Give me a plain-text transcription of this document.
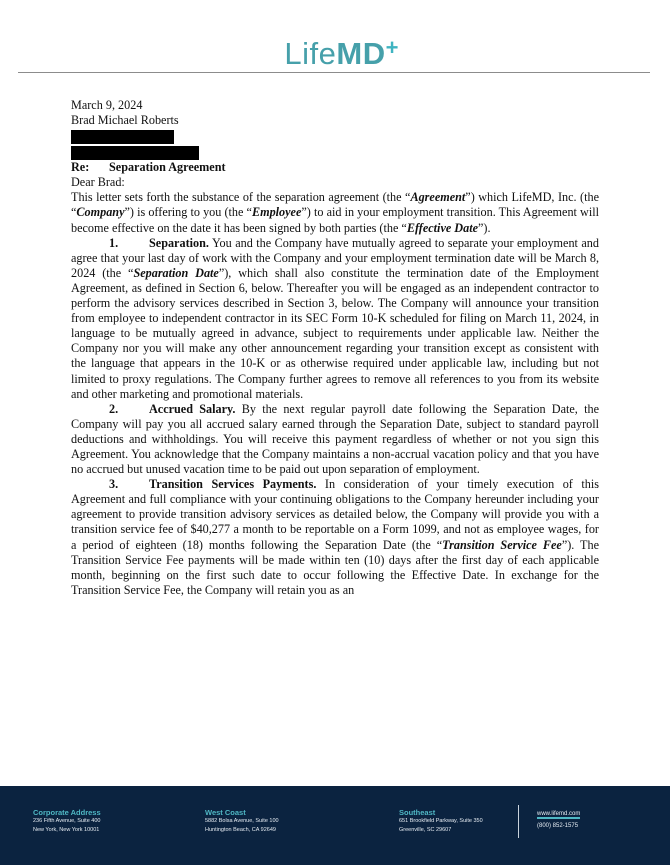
LifeMD +

March 9, 2024

Brad Michael Roberts

Re: Separation Agreement

Dear Brad:

This letter sets forth the substance of the separation agreement (the “Agreement”) which LifeMD, Inc. (the “Company”) is offering to you (the “Employee”) to aid in your employment transition. This Agreement will become effective on the date it has been signed by both parties (the “Effective Date”).

1.	Separation. You and the Company have mutually agreed to separate your employment and agree that your last day of work with the Company and your employment termination date will be March 8, 2024 (the “Separation Date”), which shall also constitute the termination date of the Employment Agreement, as defined in Section 6, below. Thereafter you will be engaged as an independent contractor to perform the advisory services described in Section 3, below. The Company will announce your transition from employee to independent contractor in its SEC Form 10-K scheduled for filing on March 11, 2024, in language to be mutually agreed in advance, subject to requirements under applicable law. Neither the Company nor you will make any other announcement regarding your transition except as consistent with the language that appears in the 10-K or as otherwise required under applicable law, including but not limited to proxy regulations. The Company further agrees to remove all references to you from its website and other marketing and promotional materials.

2.	Accrued Salary. By the next regular payroll date following the Separation Date, the Company will pay you all accrued salary earned through the Separation Date, subject to standard payroll deductions and withholdings. You will receive this payment regardless of whether or not you sign this Agreement. You acknowledge that the Company maintains a non-accrual vacation policy and that you have no accrued but unused vacation time to be paid out upon separation of employment.

3.	Transition Services Payments. In consideration of your timely execution of this Agreement and full compliance with your continuing obligations to the Company hereunder including your agreement to provide transition advisory services as detailed below, the Company will provide you with a transition service fee of $40,277 a month to be reportable on a Form 1099, and not as employee wages, for a period of eighteen (18) months following the Separation Date (the “Transition Service Fee”). The Transition Service Fee payments will be made within ten (10) days after the first day of each applicable month, beginning on the first such date to occur following the Effective Date. In exchange for the Transition Service Fee, the Company will retain you as an

Corporate Address
236 Fifth Avenue, Suite 400
New York, New York 10001
West Coast
5882 Bolsa Avenue, Suite 100
Huntington Beach, CA 92649
Southeast
651 Brookfield Parkway, Suite 350
Greenville, SC 29607
www.lifemd.com
(800) 852-1575
